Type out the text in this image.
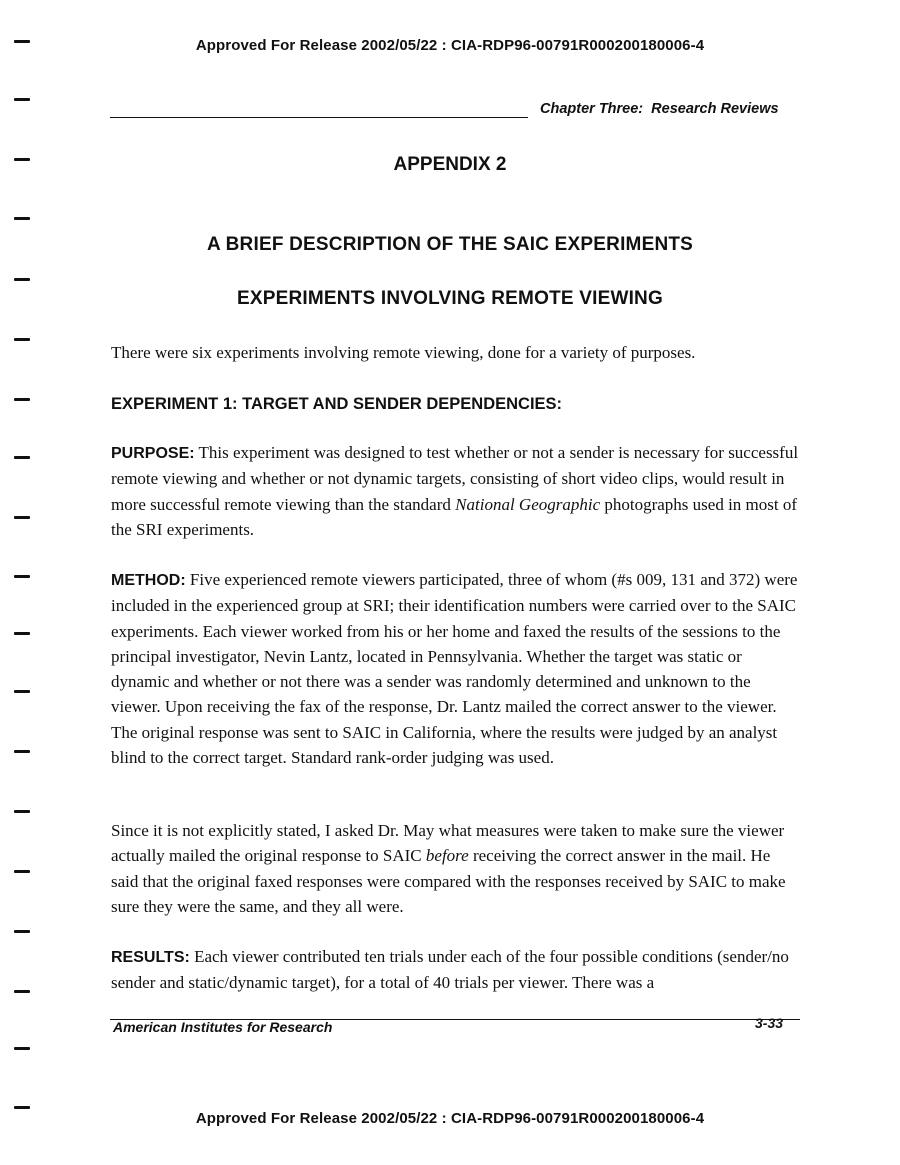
Approved For Release 2002/05/22 : CIA-RDP96-00791R000200180006-4
Chapter Three:  Research Reviews
APPENDIX 2
A BRIEF DESCRIPTION OF THE SAIC EXPERIMENTS
EXPERIMENTS INVOLVING REMOTE VIEWING

There were six experiments involving remote viewing, done for a variety of purposes.

EXPERIMENT 1: TARGET AND SENDER DEPENDENCIES:

PURPOSE: This experiment was designed to test whether or not a sender is necessary for successful remote viewing and whether or not dynamic targets, consisting of short video clips, would result in more successful remote viewing than the standard National Geographic photographs used in most of the SRI experiments.

METHOD: Five experienced remote viewers participated, three of whom (#s 009, 131 and 372) were included in the experienced group at SRI; their identification numbers were carried over to the SAIC experiments. Each viewer worked from his or her home and faxed the results of the sessions to the principal investigator, Nevin Lantz, located in Pennsylvania. Whether the target was static or dynamic and whether or not there was a sender was randomly determined and unknown to the viewer. Upon receiving the fax of the response, Dr. Lantz mailed the correct answer to the viewer. The original response was sent to SAIC in California, where the results were judged by an analyst blind to the correct target. Standard rank-order judging was used.

Since it is not explicitly stated, I asked Dr. May what measures were taken to make sure the viewer actually mailed the original response to SAIC before receiving the correct answer in the mail. He said that the original faxed responses were compared with the responses received by SAIC to make sure they were the same, and they all were.

RESULTS: Each viewer contributed ten trials under each of the four possible conditions (sender/no sender and static/dynamic target), for a total of 40 trials per viewer. There was a

American Institutes for Research	3-33
Approved For Release 2002/05/22 : CIA-RDP96-00791R000200180006-4
